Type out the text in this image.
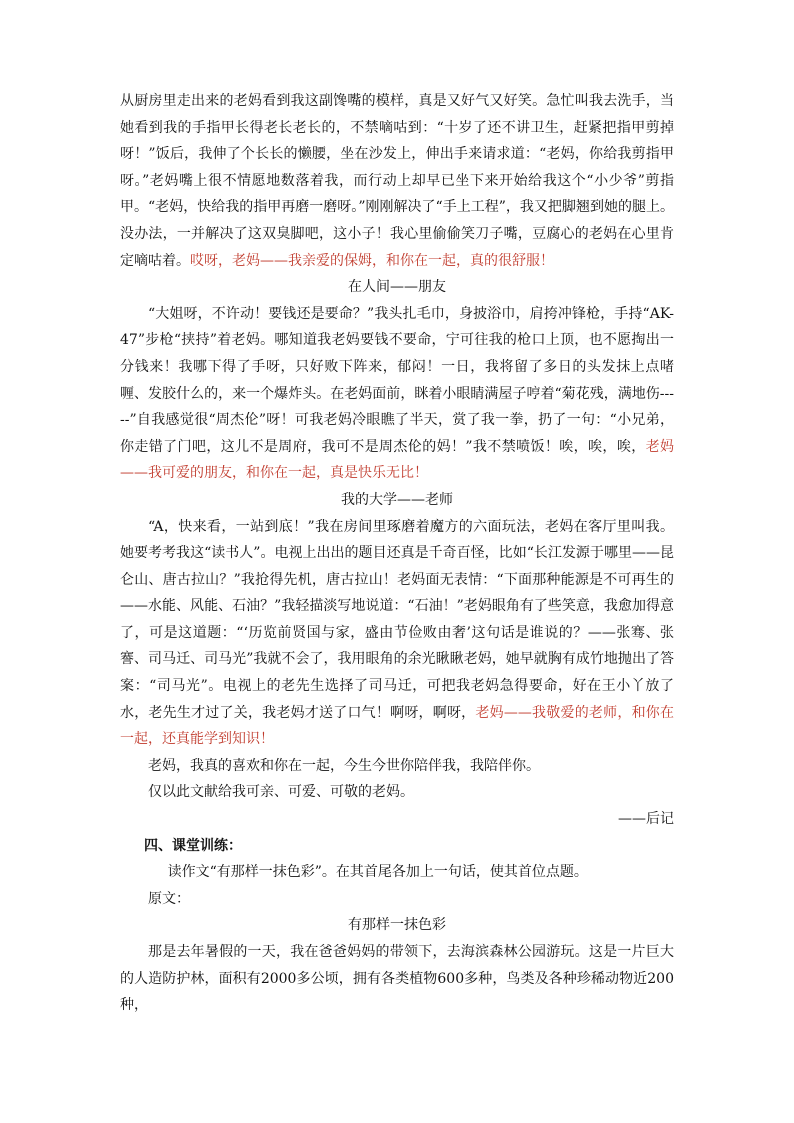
从厨房里走出来的老妈看到我这副馋嘴的模样，真是又好气又好笑。急忙叫我去洗手，当她看到我的手指甲长得老长老长的，不禁嘀咕到：“十岁了还不讲卫生，赶紧把指甲剪掉呀！”饭后，我伸了个长长的懒腰，坐在沙发上，伸出手来请求道：“老妈，你给我剪指甲呀。”老妈嘴上很不情愿地数落着我，而行动上却早已坐下来开始给我这个“小少爷”剪指甲。“老妈，快给我的指甲再磨一磨呀。”刚刚解决了“手上工程”，我又把脚翘到她的腿上。没办法，一并解决了这双臭脚吧，这小子！我心里偷偷笑刀子嘴，豆腐心的老妈在心里肯定嘀咕着。哎呀，老妈——我亲爱的保姆，和你在一起，真的很舒服！

在人间——朋友

“大姐呀，不许动！要钱还是要命？”我头扎毛巾，身披浴巾，肩挎冲锋枪，手持“AK-47”步枪“挟持”着老妈。哪知道我老妈要钱不要命，宁可往我的枪口上顶，也不愿掏出一分钱来！我哪下得了手呀，只好败下阵来，郁闷！一日，我将留了多日的头发抹上点啫喱、发胶什么的，来一个爆炸头。在老妈面前，眯着小眼睛满屋子哼着“菊花残，满地伤-----”自我感觉很“周杰伦”呀！可我老妈冷眼瞧了半天，赏了我一拳，扔了一句：“小兄弟，你走错了门吧，这儿不是周府，我可不是周杰伦的妈！”我不禁喷饭！唉，唉，唉，老妈——我可爱的朋友，和你在一起，真是快乐无比！

我的大学——老师

“A，快来看，一站到底！”我在房间里琢磨着魔方的六面玩法，老妈在客厅里叫我。她要考考我这“读书人”。电视上出出的题目还真是千奇百怪，比如“长江发源于哪里——昆仑山、唐古拉山？”我抢得先机，唐古拉山！老妈面无表情：“下面那种能源是不可再生的——水能、风能、石油？”我轻描淡写地说道：“石油！”老妈眼角有了些笑意，我愈加得意了，可是这道题：“‘历览前贤国与家，盛由节俭败由奢’这句话是谁说的？——张骞、张謇、司马迁、司马光”我就不会了，我用眼角的余光瞅瞅老妈，她早就胸有成竹地抛出了答案：“司马光”。电视上的老先生选择了司马迁，可把我老妈急得要命，好在王小丫放了水，老先生才过了关，我老妈才送了口气！啊呀，啊呀，老妈——我敬爱的老师，和你在一起，还真能学到知识！

老妈，我真的喜欢和你在一起，今生今世你陪伴我，我陪伴你。

仅以此文献给我可亲、可爱、可敬的老妈。

——后记

四、课堂训练：

读作文“有那样一抹色彩”。在其首尾各加上一句话，使其首位点题。

原文：

有那样一抹色彩

那是去年暑假的一天，我在爸爸妈妈的带领下，去海滨森林公园游玩。这是一片巨大的人造防护林，面积有2000多公顷，拥有各类植物600多种，鸟类及各种珍稀动物近200种，
